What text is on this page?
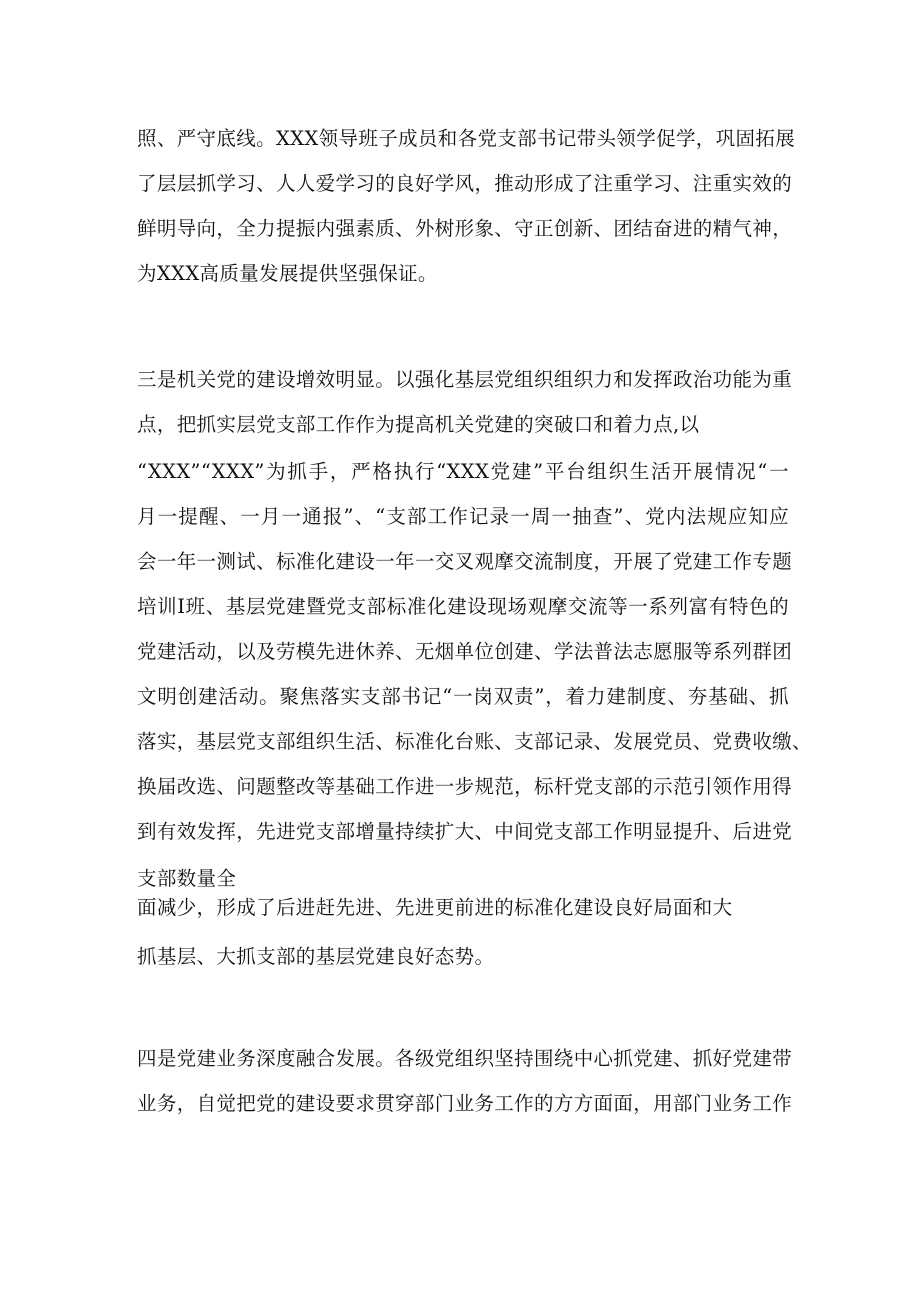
照、严守底线。XXX领导班子成员和各党支部书记带头领学促学，巩固拓展
了层层抓学习、人人爱学习的良好学风，推动形成了注重学习、注重实效的
鲜明导向，全力提振内强素质、外树形象、守正创新、团结奋进的精气神，
为XXX高质量发展提供坚强保证。
三是机关党的建设增效明显。以强化基层党组织组织力和发挥政治功能为重
点，把抓实层党支部工作作为提高机关党建的突破口和着力点,以
“XXX”“XXX”为抓手，严格执行“XXX党建”平台组织生活开展情况“一
月一提醒、一月一通报”、“支部工作记录一周一抽查”、党内法规应知应
会一年一测试、标准化建设一年一交叉观摩交流制度，开展了党建工作专题
培训I班、基层党建暨党支部标准化建设现场观摩交流等一系列富有特色的
党建活动，以及劳模先进休养、无烟单位创建、学法普法志愿服等系列群团
文明创建活动。聚焦落实支部书记“一岗双责”，着力建制度、夯基础、抓
落实，基层党支部组织生活、标准化台账、支部记录、发展党员、党费收缴、
换届改选、问题整改等基础工作进一步规范，标杆党支部的示范引领作用得
到有效发挥，先进党支部增量持续扩大、中间党支部工作明显提升、后进党
支部数量全
面减少，形成了后进赶先进、先进更前进的标准化建设良好局面和大
抓基层、大抓支部的基层党建良好态势。
四是党建业务深度融合发展。各级党组织坚持围绕中心抓党建、抓好党建带
业务，自觉把党的建设要求贯穿部门业务工作的方方面面，用部门业务工作
